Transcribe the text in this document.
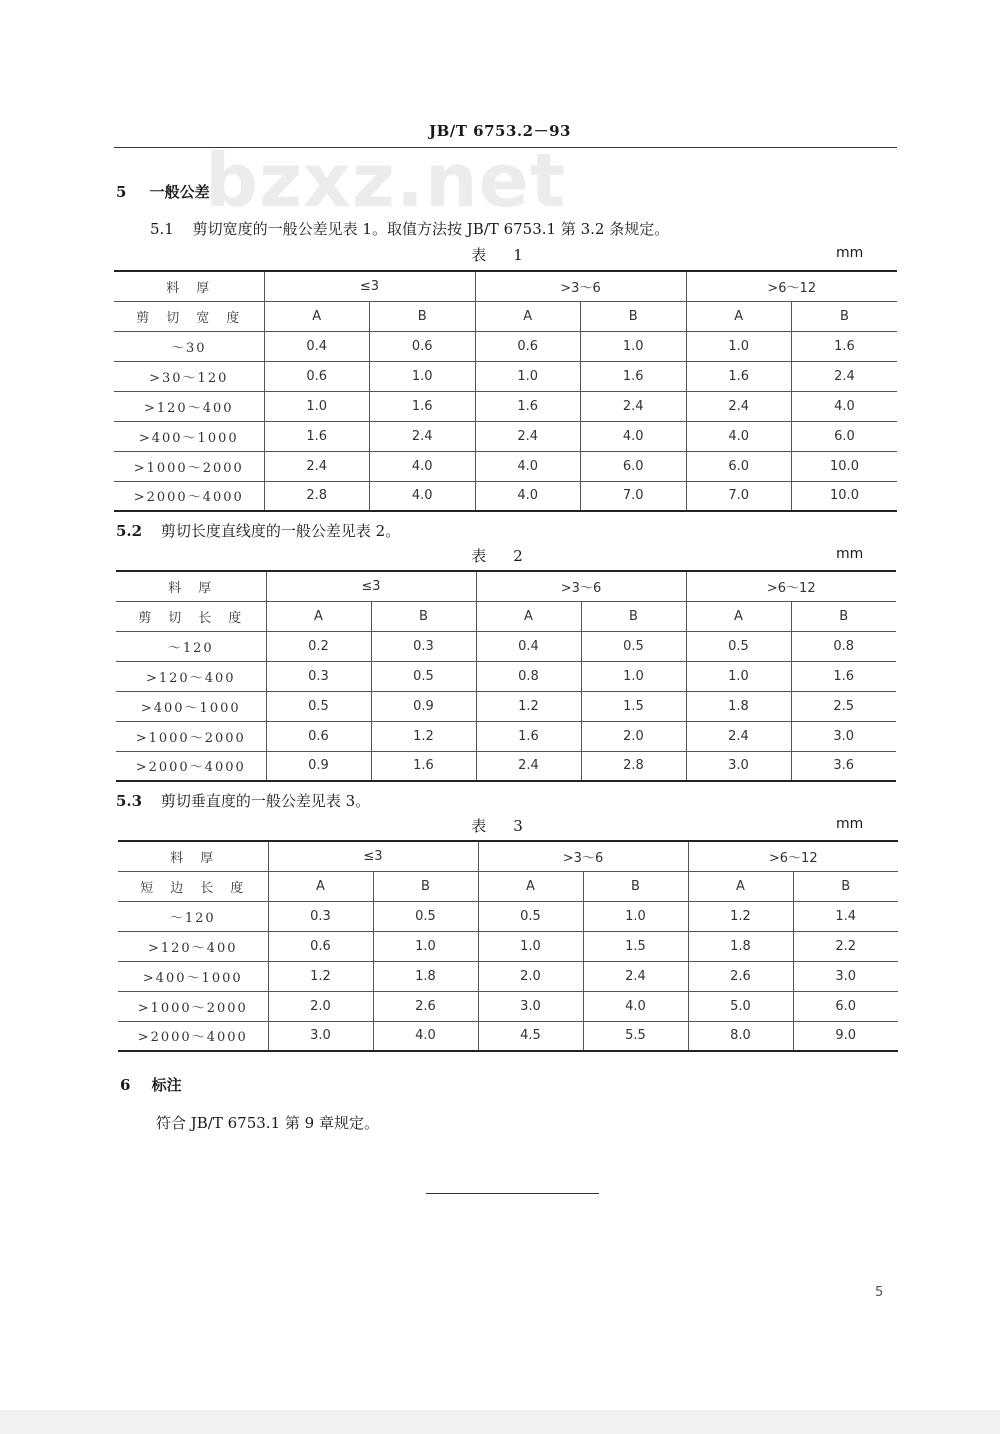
JB/T 6753.2－93
bzxz.net
5 一般公差
5.1 剪切宽度的一般公差见表 1。取值方法按 JB/T 6753.1 第 3.2 条规定。
表　1	mm
料　厚	≤3		>3～6		>6～12	
剪　切　宽　度	A	B	A	B	A	B
～30	0.4	0.6	0.6	1.0	1.0	1.6
>30～120	0.6	1.0	1.0	1.6	1.6	2.4
>120～400	1.0	1.6	1.6	2.4	2.4	4.0
>400～1000	1.6	2.4	2.4	4.0	4.0	6.0
>1000～2000	2.4	4.0	4.0	6.0	6.0	10.0
>2000～4000	2.8	4.0	4.0	7.0	7.0	10.0
5.2 剪切长度直线度的一般公差见表 2。
表　2	mm
料　厚	≤3		>3～6		>6～12	
剪　切　长　度	A	B	A	B	A	B
～120	0.2	0.3	0.4	0.5	0.5	0.8
>120～400	0.3	0.5	0.8	1.0	1.0	1.6
>400～1000	0.5	0.9	1.2	1.5	1.8	2.5
>1000～2000	0.6	1.2	1.6	2.0	2.4	3.0
>2000～4000	0.9	1.6	2.4	2.8	3.0	3.6
5.3 剪切垂直度的一般公差见表 3。
表　3	mm
料　厚	≤3		>3～6		>6～12	
短　边　长　度	A	B	A	B	A	B
～120	0.3	0.5	0.5	1.0	1.2	1.4
>120～400	0.6	1.0	1.0	1.5	1.8	2.2
>400～1000	1.2	1.8	2.0	2.4	2.6	3.0
>1000～2000	2.0	2.6	3.0	4.0	5.0	6.0
>2000～4000	3.0	4.0	4.5	5.5	8.0	9.0
6 标注
符合 JB/T 6753.1 第 9 章规定。
5
